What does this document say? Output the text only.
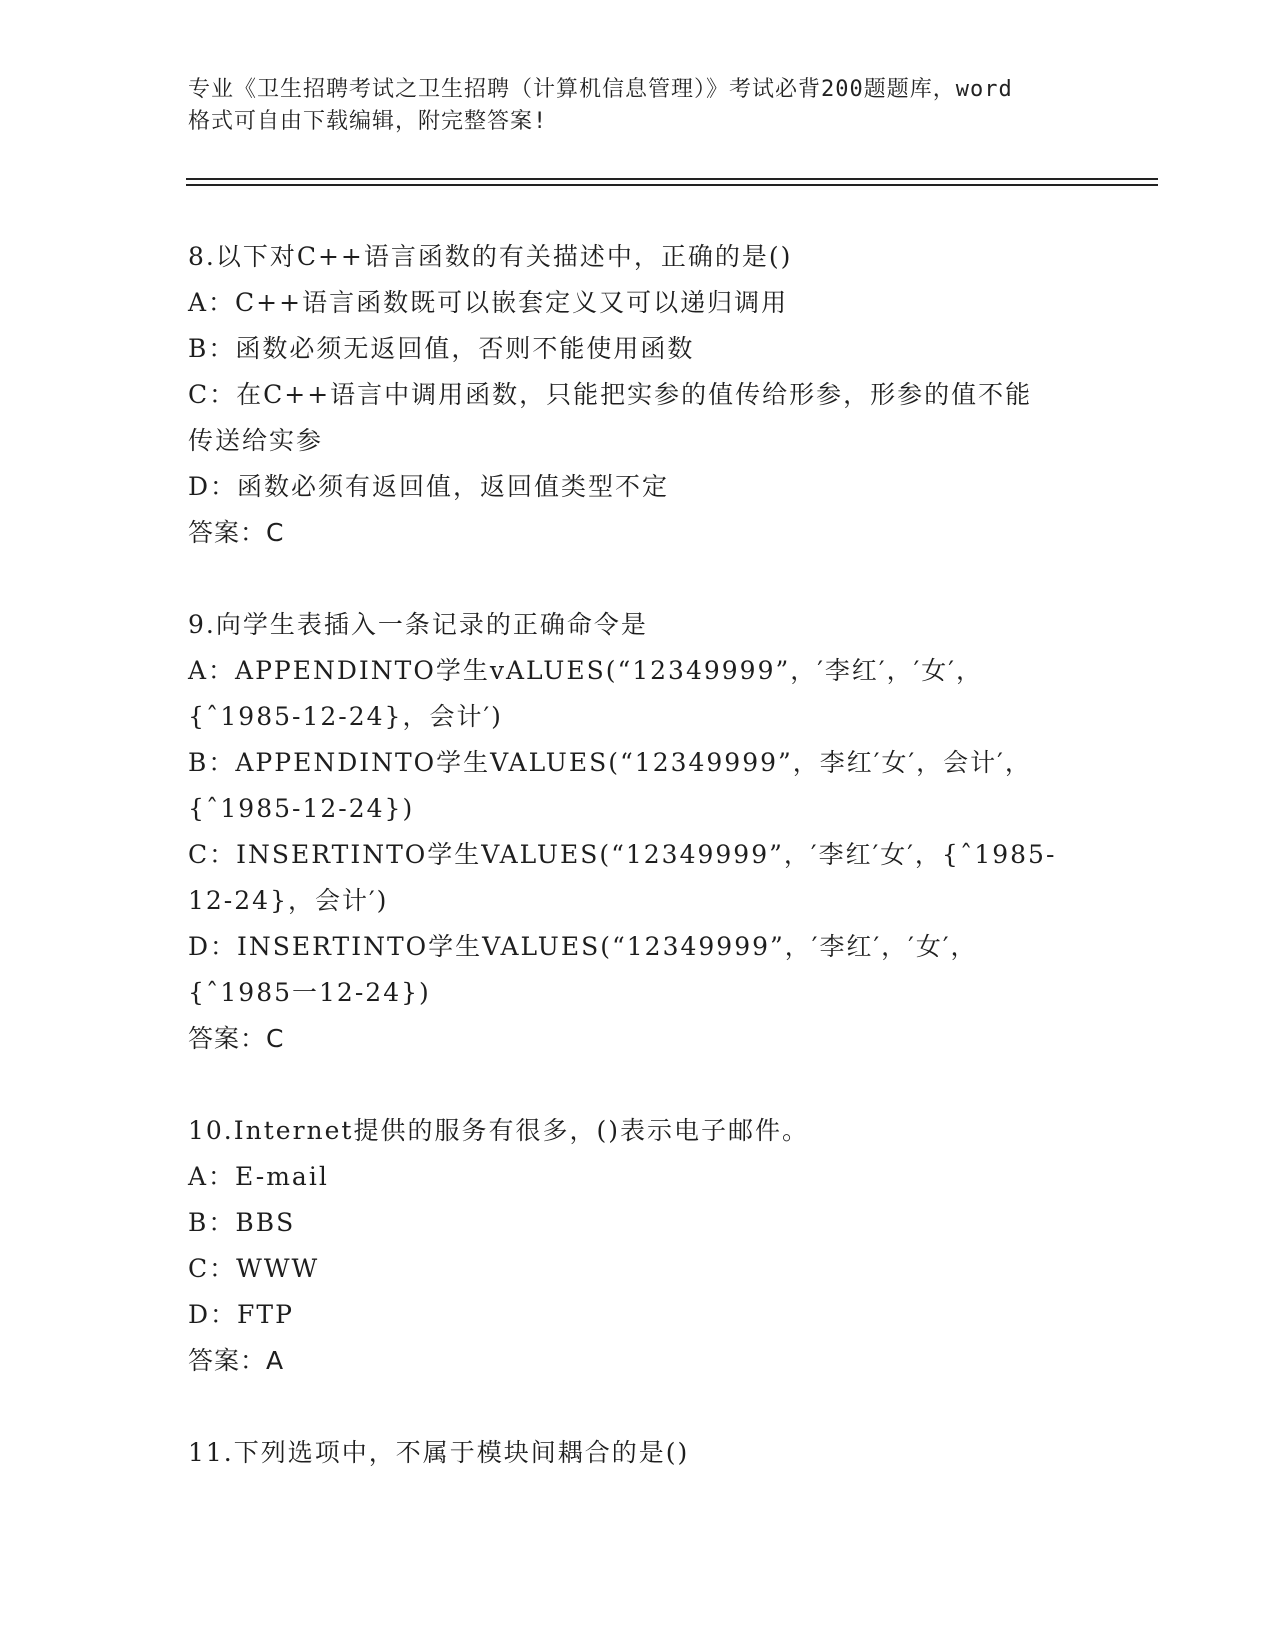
专业《卫生招聘考试之卫生招聘（计算机信息管理）》考试必背200题题库，word
格式可自由下载编辑，附完整答案!
8.以下对C++语言函数的有关描述中，正确的是()
A：C++语言函数既可以嵌套定义又可以递归调用
B：函数必须无返回值，否则不能使用函数
C：在C++语言中调用函数，只能把实参的值传给形参，形参的值不能
传送给实参
D：函数必须有返回值，返回值类型不定
答案：C
9.向学生表插入一条记录的正确命令是
A：APPENDINTO学生vALUES(“12349999”，′李红′，′女′，
{ˆ1985-12-24}，会计′)
B：APPENDINTO学生VALUES(“12349999”，李红′女′，会计′，
{ˆ1985-12-24})
C：INSERTINTO学生VALUES(“12349999”，′李红′女′，{ˆ1985-
12-24}，会计′)
D：INSERTINTO学生VALUES(“12349999”，′李红′，′女′，
{ˆ1985一12-24})
答案：C
10.Internet提供的服务有很多，()表示电子邮件。
A：E-mail
B：BBS
C：WWW
D：FTP
答案：A
11.下列选项中，不属于模块间耦合的是()
